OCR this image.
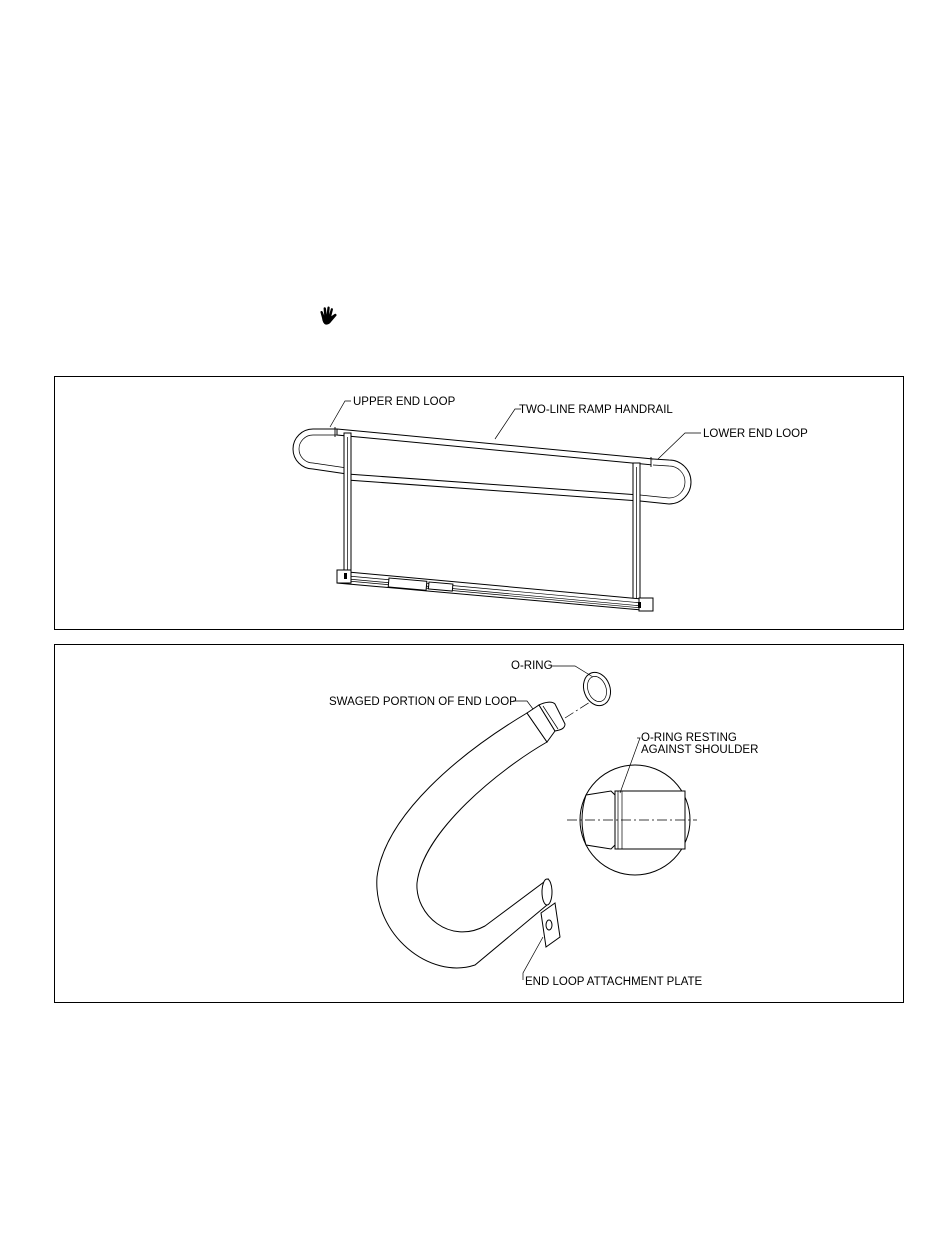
UPPER END LOOP
TWO-LINE RAMP HANDRAIL
LOWER END LOOP
O-RING
SWAGED PORTION OF END LOOP
O-RING RESTING
AGAINST SHOULDER
END LOOP ATTACHMENT PLATE
